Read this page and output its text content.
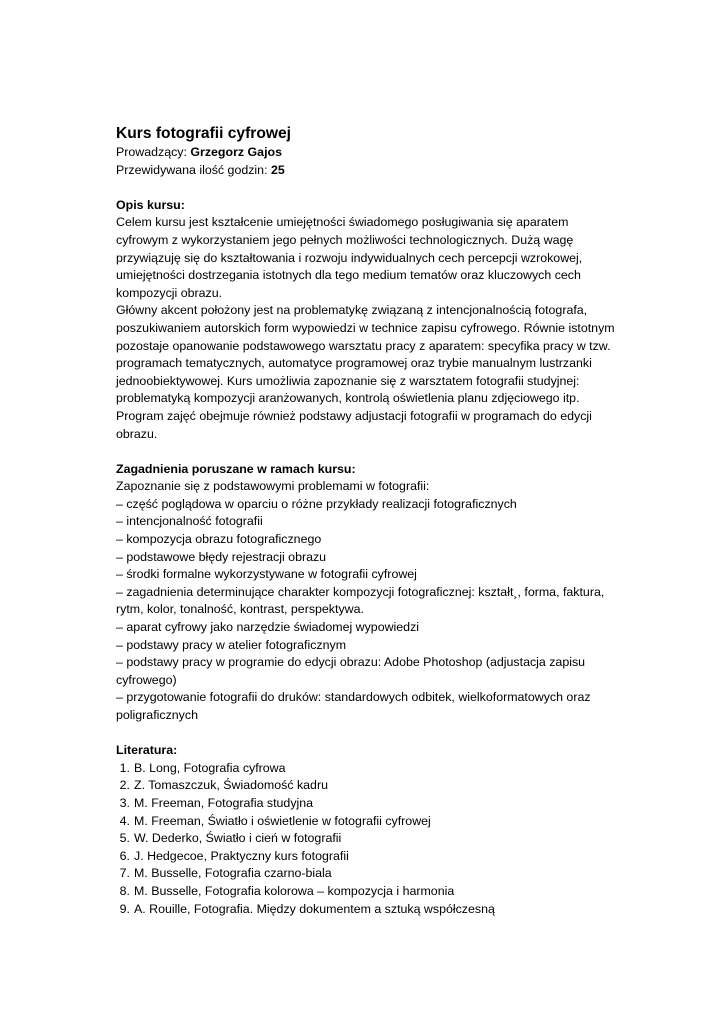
Kurs fotografii cyfrowej

Prowadzący: Grzegorz Gajos

Przewidywana ilość godzin: 25

Opis kursu:

Celem kursu jest kształcenie umiejętności świadomego posługiwania się aparatem cyfrowym z wykorzystaniem jego pełnych możliwości technologicznych. Dużą wagę przywiązuję się do kształtowania i rozwoju indywidualnych cech percepcji wzrokowej, umiejętności dostrzegania istotnych dla tego medium tematów oraz kluczowych cech kompozycji obrazu.

Główny akcent położony jest na problematykę związaną z intencjonalnością fotografa, poszukiwaniem autorskich form wypowiedzi w technice zapisu cyfrowego. Równie istotnym pozostaje opanowanie podstawowego warsztatu pracy z aparatem: specyfika pracy w tzw. programach tematycznych, automatyce programowej oraz trybie manualnym lustrzanki jednoobiektywowej. Kurs umożliwia zapoznanie się z warsztatem fotografii studyjnej: problematyką kompozycji aranżowanych, kontrolą oświetlenia planu zdjęciowego itp.

Program zajęć obejmuje również podstawy adjustacji fotografii w programach do edycji obrazu.

Zagadnienia poruszane w ramach kursu:

Zapoznanie się z podstawowymi problemami w fotografii:

– część poglądowa w oparciu o różne przykłady realizacji fotograficznych
– intencjonalność fotografii
– kompozycja obrazu fotograficznego
– podstawowe błędy rejestracji obrazu
– środki formalne wykorzystywane w fotografii cyfrowej
– zagadnienia determinujące charakter kompozycji fotograficznej: kształt¸, forma, faktura, rytm, kolor, tonalność, kontrast, perspektywa.
– aparat cyfrowy jako narzędzie świadomej wypowiedzi
– podstawy pracy w atelier fotograficznym
– podstawy pracy w programie do edycji obrazu: Adobe Photoshop (adjustacja zapisu cyfrowego)
– przygotowanie fotografii do druków: standardowych odbitek, wielkoformatowych oraz poligraficznych

Literatura:

1. B. Long, Fotografia cyfrowa
2. Z. Tomaszczuk, Świadomość kadru
3. M. Freeman, Fotografia studyjna
4. M. Freeman, Światło i oświetlenie w fotografii cyfrowej
5. W. Dederko, Światło i cień w fotografii
6. J. Hedgecoe, Praktyczny kurs fotografii
7. M. Busselle, Fotografia czarno-biala
8. M. Busselle, Fotografia kolorowa – kompozycja i harmonia
9. A. Rouille, Fotografia. Między dokumentem a sztuką współczesną
